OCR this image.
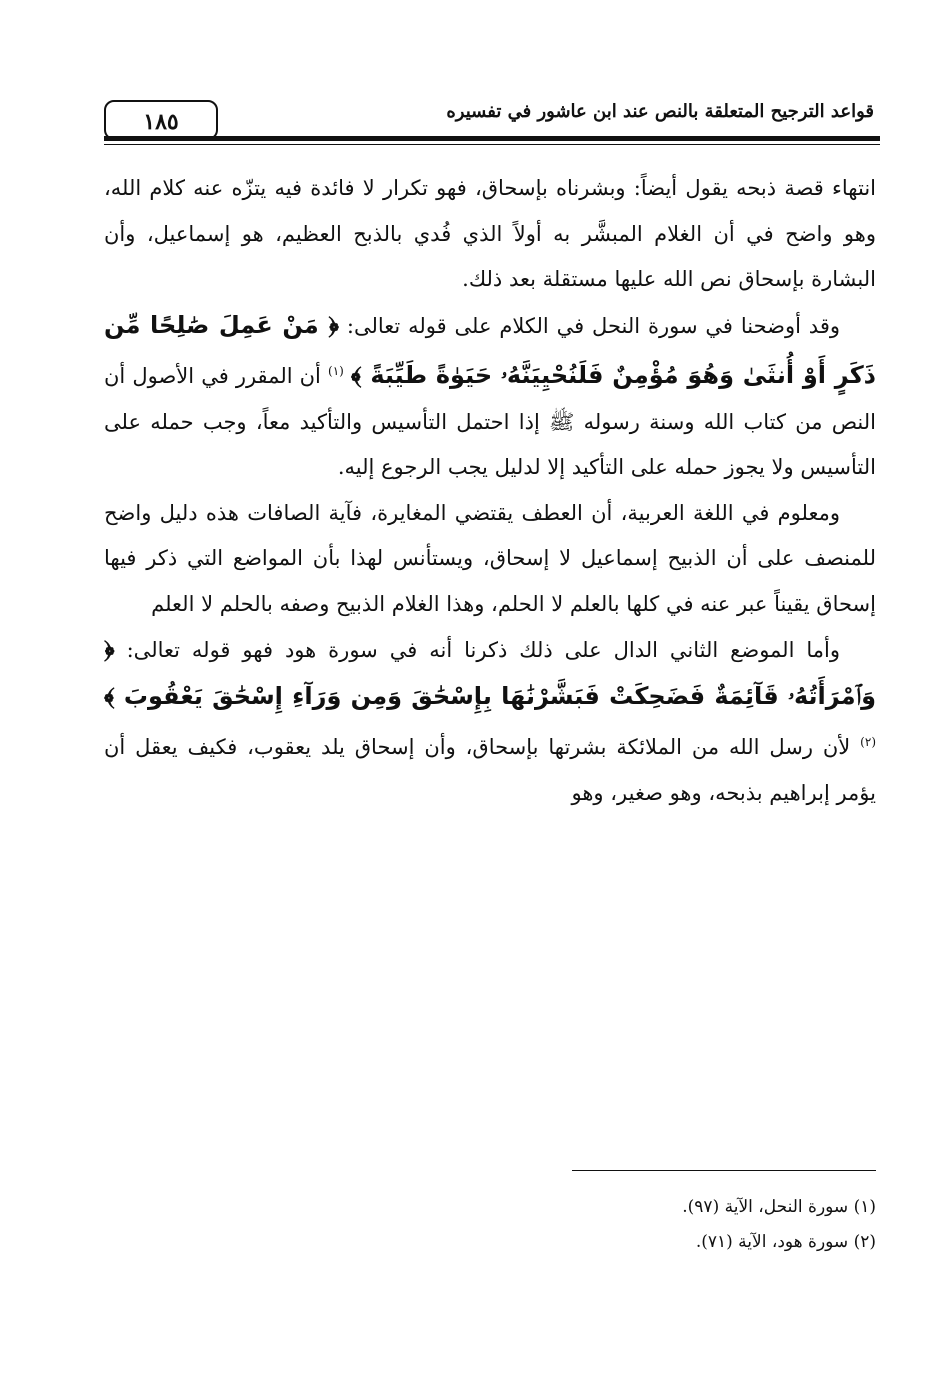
١٨٥	قواعد الترجيح المتعلقة بالنص عند ابن عاشور في تفسيره

انتهاء قصة ذبحه يقول أيضاً: وبشرناه بإسحاق، فهو تكرار لا فائدة فيه يتزّه عنه كلام الله، وهو واضح في أن الغلام المبشَّر به أولاً الذي فُدي بالذبح العظيم، هو إسماعيل، وأن البشارة بإسحاق نص الله عليها مستقلة بعد ذلك.

وقد أوضحنا في سورة النحل في الكلام على قوله تعالى: ﴿ مَنْ عَمِلَ صَٰلِحًا مِّن ذَكَرٍ أَوْ أُنثَىٰ وَهُوَ مُؤْمِنٌ فَلَنُحْيِيَنَّهُۥ حَيَوٰةً طَيِّبَةً ﴾ $^{(١)}$ أن المقرر في الأصول أن النص من كتاب الله وسنة رسوله ﷺ إذا احتمل التأسيس والتأكيد معاً، وجب حمله على التأسيس ولا يجوز حمله على التأكيد إلا لدليل يجب الرجوع إليه.

ومعلوم في اللغة العربية، أن العطف يقتضي المغايرة، فآية الصافات هذه دليل واضح للمنصف على أن الذبيح إسماعيل لا إسحاق، ويستأنس لهذا بأن المواضع التي ذكر فيها إسحاق يقيناً عبر عنه في كلها بالعلم لا الحلم، وهذا الغلام الذبيح وصفه بالحلم لا العلم

وأما الموضع الثاني الدال على ذلك ذكرنا أنه في سورة هود فهو قوله تعالى: ﴿ وَٱمْرَأَتُهُۥ قَآئِمَةٌ فَضَحِكَتْ فَبَشَّرْنَٰهَا بِإِسْحَٰقَ وَمِن وَرَآءِ إِسْحَٰقَ يَعْقُوبَ ﴾ $^{(٢)}$ لأن رسل الله من الملائكة بشرتها بإسحاق، وأن إسحاق يلد يعقوب، فكيف يعقل أن يؤمر إبراهيم بذبحه، وهو صغير، وهو

(١) سورة النحل، الآية (٩٧).
(٢) سورة هود، الآية (٧١).
